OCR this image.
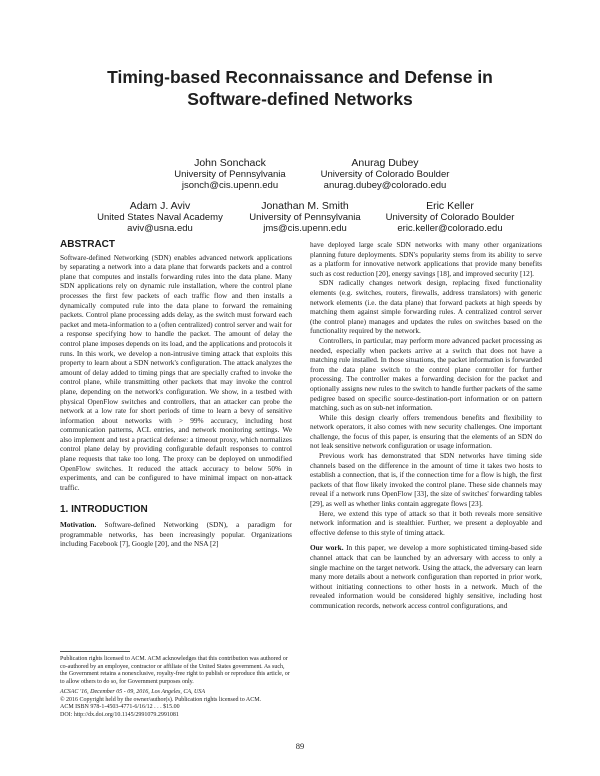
Timing-based Reconnaissance and Defense in
Software-defined Networks
John Sonchack
University of Pennsylvania
jsonch@cis.upenn.edu
Anurag Dubey
University of Colorado Boulder
anurag.dubey@colorado.edu
Adam J. Aviv
United States Naval Academy
aviv@usna.edu
Jonathan M. Smith
University of Pennsylvania
jms@cis.upenn.edu
Eric Keller
University of Colorado Boulder
eric.keller@colorado.edu
ABSTRACT

Software-defined Networking (SDN) enables advanced network applications by separating a network into a data plane that forwards packets and a control plane that computes and installs forwarding rules into the data plane. Many SDN applications rely on dynamic rule installation, where the control plane processes the first few packets of each traffic flow and then installs a dynamically computed rule into the data plane to forward the remaining packets. Control plane processing adds delay, as the switch must forward each packet and meta-information to a (often centralized) control server and wait for a response specifying how to handle the packet. The amount of delay the control plane imposes depends on its load, and the applications and protocols it runs. In this work, we develop a non-intrusive timing attack that exploits this property to learn about a SDN network's configuration. The attack analyzes the amount of delay added to timing pings that are specially crafted to invoke the control plane, while transmitting other packets that may invoke the control plane, depending on the network's configuration. We show, in a testbed with physical OpenFlow switches and controllers, that an attacker can probe the network at a low rate for short periods of time to learn a bevy of sensitive information about networks with > 99% accuracy, including host communication patterns, ACL entries, and network monitoring settings. We also implement and test a practical defense: a timeout proxy, which normalizes control plane delay by providing configurable default responses to control plane requests that take too long. The proxy can be deployed on unmodified OpenFlow switches. It reduced the attack accuracy to below 50% in experiments, and can be configured to have minimal impact on non-attack traffic.

1. INTRODUCTION

Motivation. Software-defined Networking (SDN), a paradigm for programmable networks, has been increasingly popular. Organizations including Facebook [7], Google [20], and the NSA [2]

Publication rights licensed to ACM. ACM acknowledges that this contribution was authored or co-authored by an employee, contractor or affiliate of the United States government. As such, the Government retains a nonexclusive, royalty-free right to publish or reproduce this article, or to allow others to do so, for Government purposes only.

ACSAC '16, December 05 - 09, 2016, Los Angeles, CA, USA

© 2016 Copyright held by the owner/author(s). Publication rights licensed to ACM.

ACM ISBN 978-1-4503-4771-6/16/12 . . . $15.00

DOI: http://dx.doi.org/10.1145/2991079.2991081

have deployed large scale SDN networks with many other organizations planning future deployments. SDN's popularity stems from its ability to serve as a platform for innovative network applications that provide many benefits such as cost reduction [20], energy savings [18], and improved security [12].

SDN radically changes network design, replacing fixed functionality elements (e.g. switches, routers, firewalls, address translators) with generic network elements (i.e. the data plane) that forward packets at high speeds by matching them against simple forwarding rules. A centralized control server (the control plane) manages and updates the rules on switches based on the functionality required by the network.

Controllers, in particular, may perform more advanced packet processing as needed, especially when packets arrive at a switch that does not have a matching rule installed. In those situations, the packet information is forwarded from the data plane switch to the control plane controller for further processing. The controller makes a forwarding decision for the packet and optionally assigns new rules to the switch to handle further packets of the same pedigree based on specific source-destination-port information or on pattern matching, such as on sub-net information.

While this design clearly offers tremendous benefits and flexibility to network operators, it also comes with new security challenges. One important challenge, the focus of this paper, is ensuring that the elements of an SDN do not leak sensitive network configuration or usage information.

Previous work has demonstrated that SDN networks have timing side channels based on the difference in the amount of time it takes two hosts to establish a connection, that is, if the connection time for a flow is high, the first packets of that flow likely invoked the control plane. These side channels may reveal if a network runs OpenFlow [33], the size of switches' forwarding tables [29], as well as whether links contain aggregate flows [23].

Here, we extend this type of attack so that it both reveals more sensitive network information and is stealthier. Further, we present a deployable and effective defense to this style of timing attack.

Our work. In this paper, we develop a more sophisticated timing-based side channel attack that can be launched by an adversary with access to only a single machine on the target network. Using the attack, the adversary can learn many more details about a network configuration than reported in prior work, without initiating connections to other hosts in a network. Much of the revealed information would be considered highly sensitive, including host communication records, network access control configurations, and

89
